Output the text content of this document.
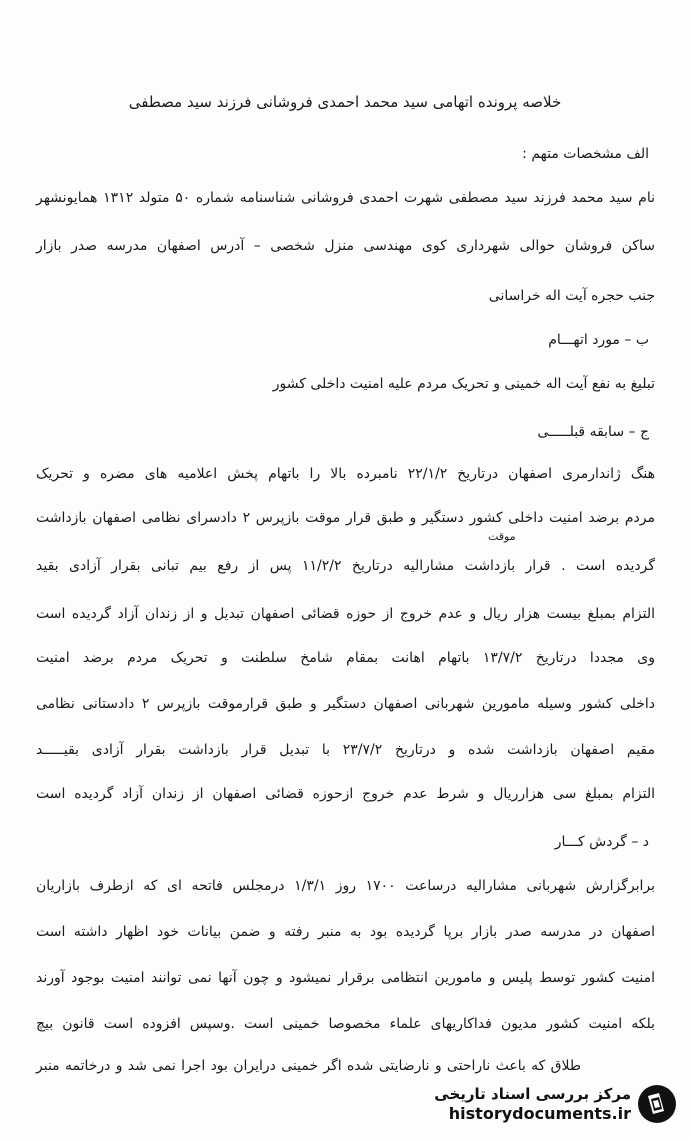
خلاصه پرونده اتهامی سید محمد احمدی فروشانی فرزند سید مصطفی
الف مشخصات متهم :
نام سید محمد فرزند سید مصطفی شهرت احمدی فروشانی شناسنامه شماره ۵۰ متولد ۱۳۱۲ همایونشهر
ساکن فروشان حوالی شهرداری کوی مهندسی منزل شخصی – آدرس اصفهان مدرسه صدر بازار
جنب حجره آیت اله خراسانی
ب – مورد اتهـــام
تبلیغ به نفع آیت اله خمینی و تحریک مردم علیه امنیت داخلی کشور
ج – سابقه قبلـــــی
هنگ ژاندارمری اصفهان درتاریخ ۲۲/۱/۲ نامبرده بالا را باتهام پخش اعلامیه های مضره و تحریک
مردم برضد امنیت داخلی کشور دستگیر و طبق قرار موقت بازپرس ۲ دادسرای نظامی اصفهان بازداشت
موقت
گردیده است . قرار بازداشت مشارالیه درتاریخ ۱۱/۲/۲ پس از رفع بیم تبانی بقرار آزادی بقید
التزام بمبلغ بیست هزار ریال و عدم خروج از حوزه قضائی اصفهان تبدیل و از زندان آزاد گردیده است
وی مجددا درتاریخ ۱۳/۷/۲ باتهام اهانت بمقام شامخ سلطنت و تحریک مردم برضد امنیت
داخلی کشور وسیله مامورین شهربانی اصفهان دستگیر و طبق قرارموقت بازپرس ۲ دادستانی نظامی
مقیم اصفهان بازداشت شده و درتاریخ ۲۳/۷/۲ با تبدیل قرار بازداشت بقرار آزادی بقیـــــد
التزام بمبلغ سی هزارریال و شرط عدم خروج ازحوزه قضائی اصفهان از زندان آزاد گردیده است
د – گردش کـــار
برابرگزارش شهربانی مشارالیه درساعت ۱۷۰۰ روز ۱/۳/۱ درمجلس فاتحه ای که ازطرف بازاریان
اصفهان در مدرسه صدر بازار برپا گردیده بود به منبر رفته و ضمن بیانات خود اظهار داشته است
امنیت کشور توسط پلیس و مامورین انتظامی برقرار نمیشود و چون آنها نمی توانند امنیت بوجود آورند
بلکه امنیت کشور مدیون فداکاریهای علماء مخصوصا خمینی است .وسپس افزوده است قانون بیچ
طلاق که باعث ناراحتی و نارضایتی شده اگر خمینی درایران بود اجرا نمی شد و درخاتمه منبر
مرکز بررسی اسناد تاریخی
historydocuments.ir
